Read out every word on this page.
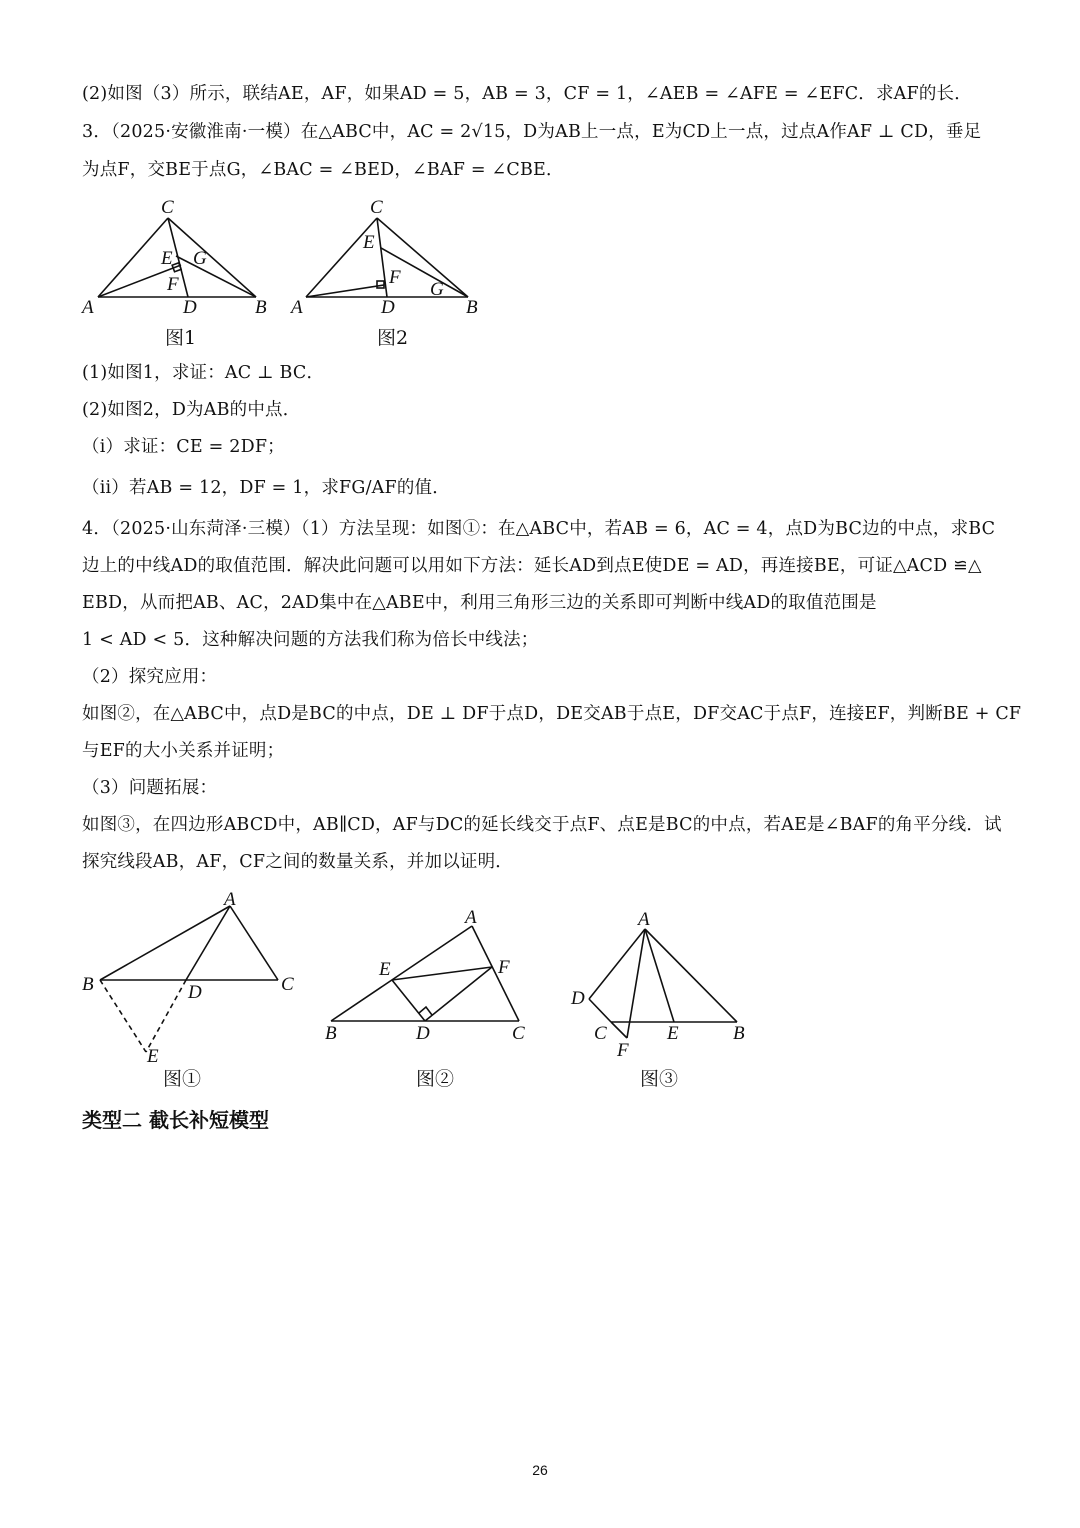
(2)如图（3）所示，联结AE，AF，如果AD = 5，AB = 3，CF = 1，∠AEB = ∠AFE = ∠EFC．求AF的长．
3．（2025·安徽淮南·一模）在△ABC中，AC = 2√15，D为AB上一点，E为CD上一点，过点A作AF ⊥ CD，垂足
为点F，交BE于点G，∠BAC = ∠BED，∠BAF = ∠CBE．
C
E G
F
A	D	B
C
E
F
G
A	D	B
图1	图2
(1)如图1，求证：AC ⊥ BC．
(2)如图2，D为AB的中点．
（i）求证：CE = 2DF；
（ii）若AB = 12，DF = 1，求FG/AF的值．
4．（2025·山东菏泽·三模）（1）方法呈现：如图①：在△ABC中，若AB = 6，AC = 4，点D为BC边的中点，求BC
边上的中线AD的取值范围．解决此问题可以用如下方法：延长AD到点E使DE = AD，再连接BE，可证△ACD ≌△
EBD，从而把AB、AC，2AD集中在△ABE中，利用三角形三边的关系即可判断中线AD的取值范围是
1 < AD < 5．这种解决问题的方法我们称为倍长中线法；
（2）探究应用：
如图②，在△ABC中，点D是BC的中点，DE ⊥ DF于点D，DE交AB于点E，DF交AC于点F，连接EF，判断BE + CF
与EF的大小关系并证明；
（3）问题拓展：
如图③，在四边形ABCD中，AB∥CD，AF与DC的延长线交于点F、点E是BC的中点，若AE是∠BAF的角平分线．试
探究线段AB，AF，CF之间的数量关系，并加以证明．
A
B	D	C
E
A
E	F
B	D	C
A
D
C	E	B
F
图①	图②	图③
类型二 截长补短模型
26
